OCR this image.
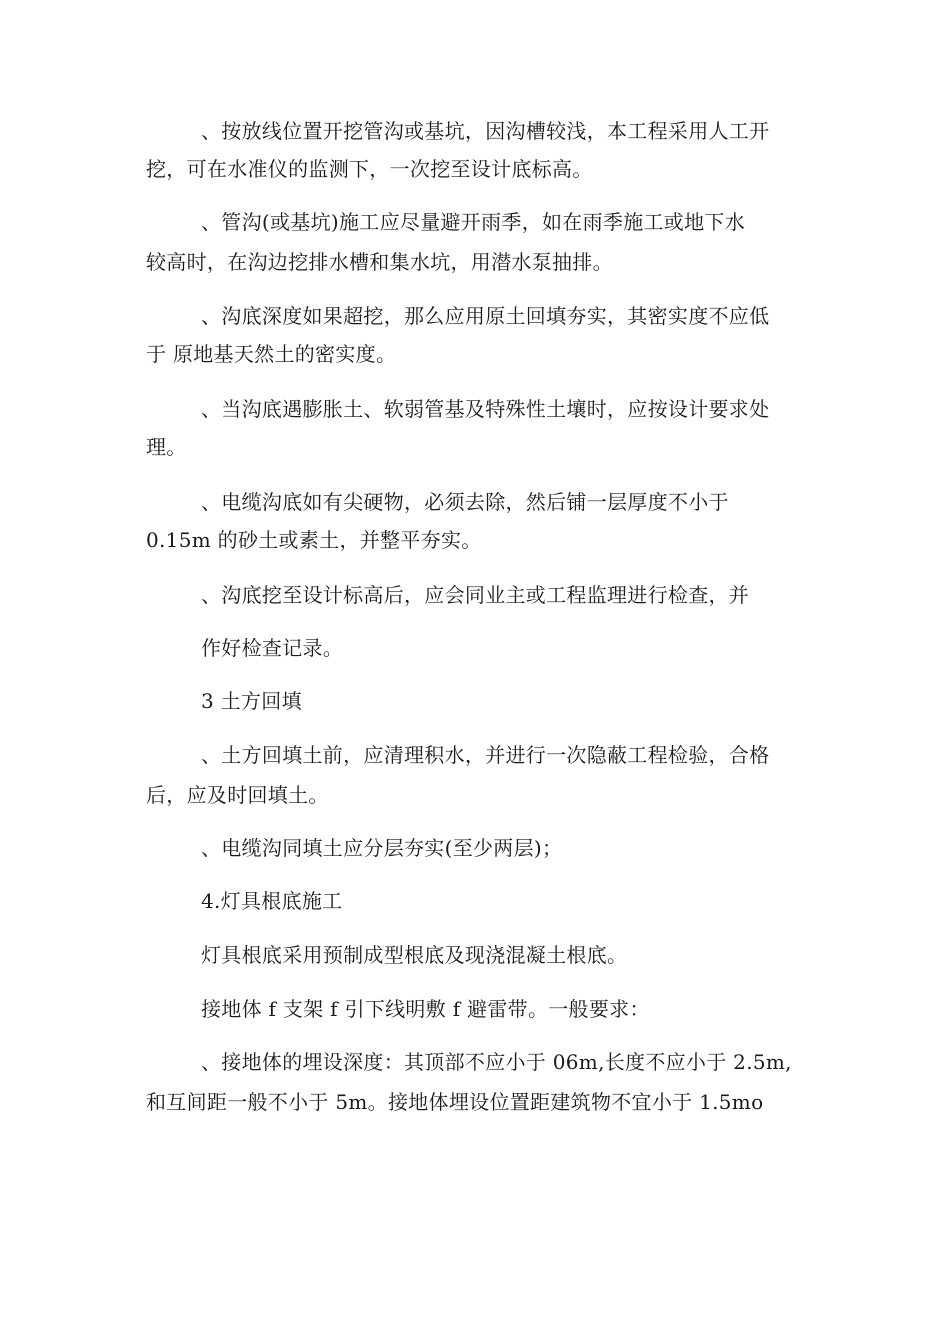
、按放线位置开挖管沟或基坑，因沟槽较浅，本工程采用人工开
挖，可在水准仪的监测下，一次挖至设计底标高。
、管沟(或基坑)施工应尽量避开雨季，如在雨季施工或地下水
较高时，在沟边挖排水槽和集水坑，用潜水泵抽排。
、沟底深度如果超挖，那么应用原土回填夯实，其密实度不应低
于 原地基天然土的密实度。
、当沟底遇膨胀土、软弱管基及特殊性土壤时，应按设计要求处
理。
、电缆沟底如有尖硬物，必须去除，然后铺一层厚度不小于
0.15m 的砂土或素土，并整平夯实。
、沟底挖至设计标高后，应会同业主或工程监理进行检查，并
作好检查记录。
3 土方回填
、土方回填土前，应清理积水，并进行一次隐蔽工程检验，合格
后，应及时回填土。
、电缆沟同填土应分层夯实(至少两层)；
4.灯具根底施工
灯具根底采用预制成型根底及现浇混凝土根底。
接地体 f 支架 f 引下线明敷 f 避雷带。一般要求：
、接地体的埋设深度：其顶部不应小于 06m,长度不应小于 2.5m,
和互间距一般不小于 5m。接地体埋设位置距建筑物不宜小于 1.5mo
